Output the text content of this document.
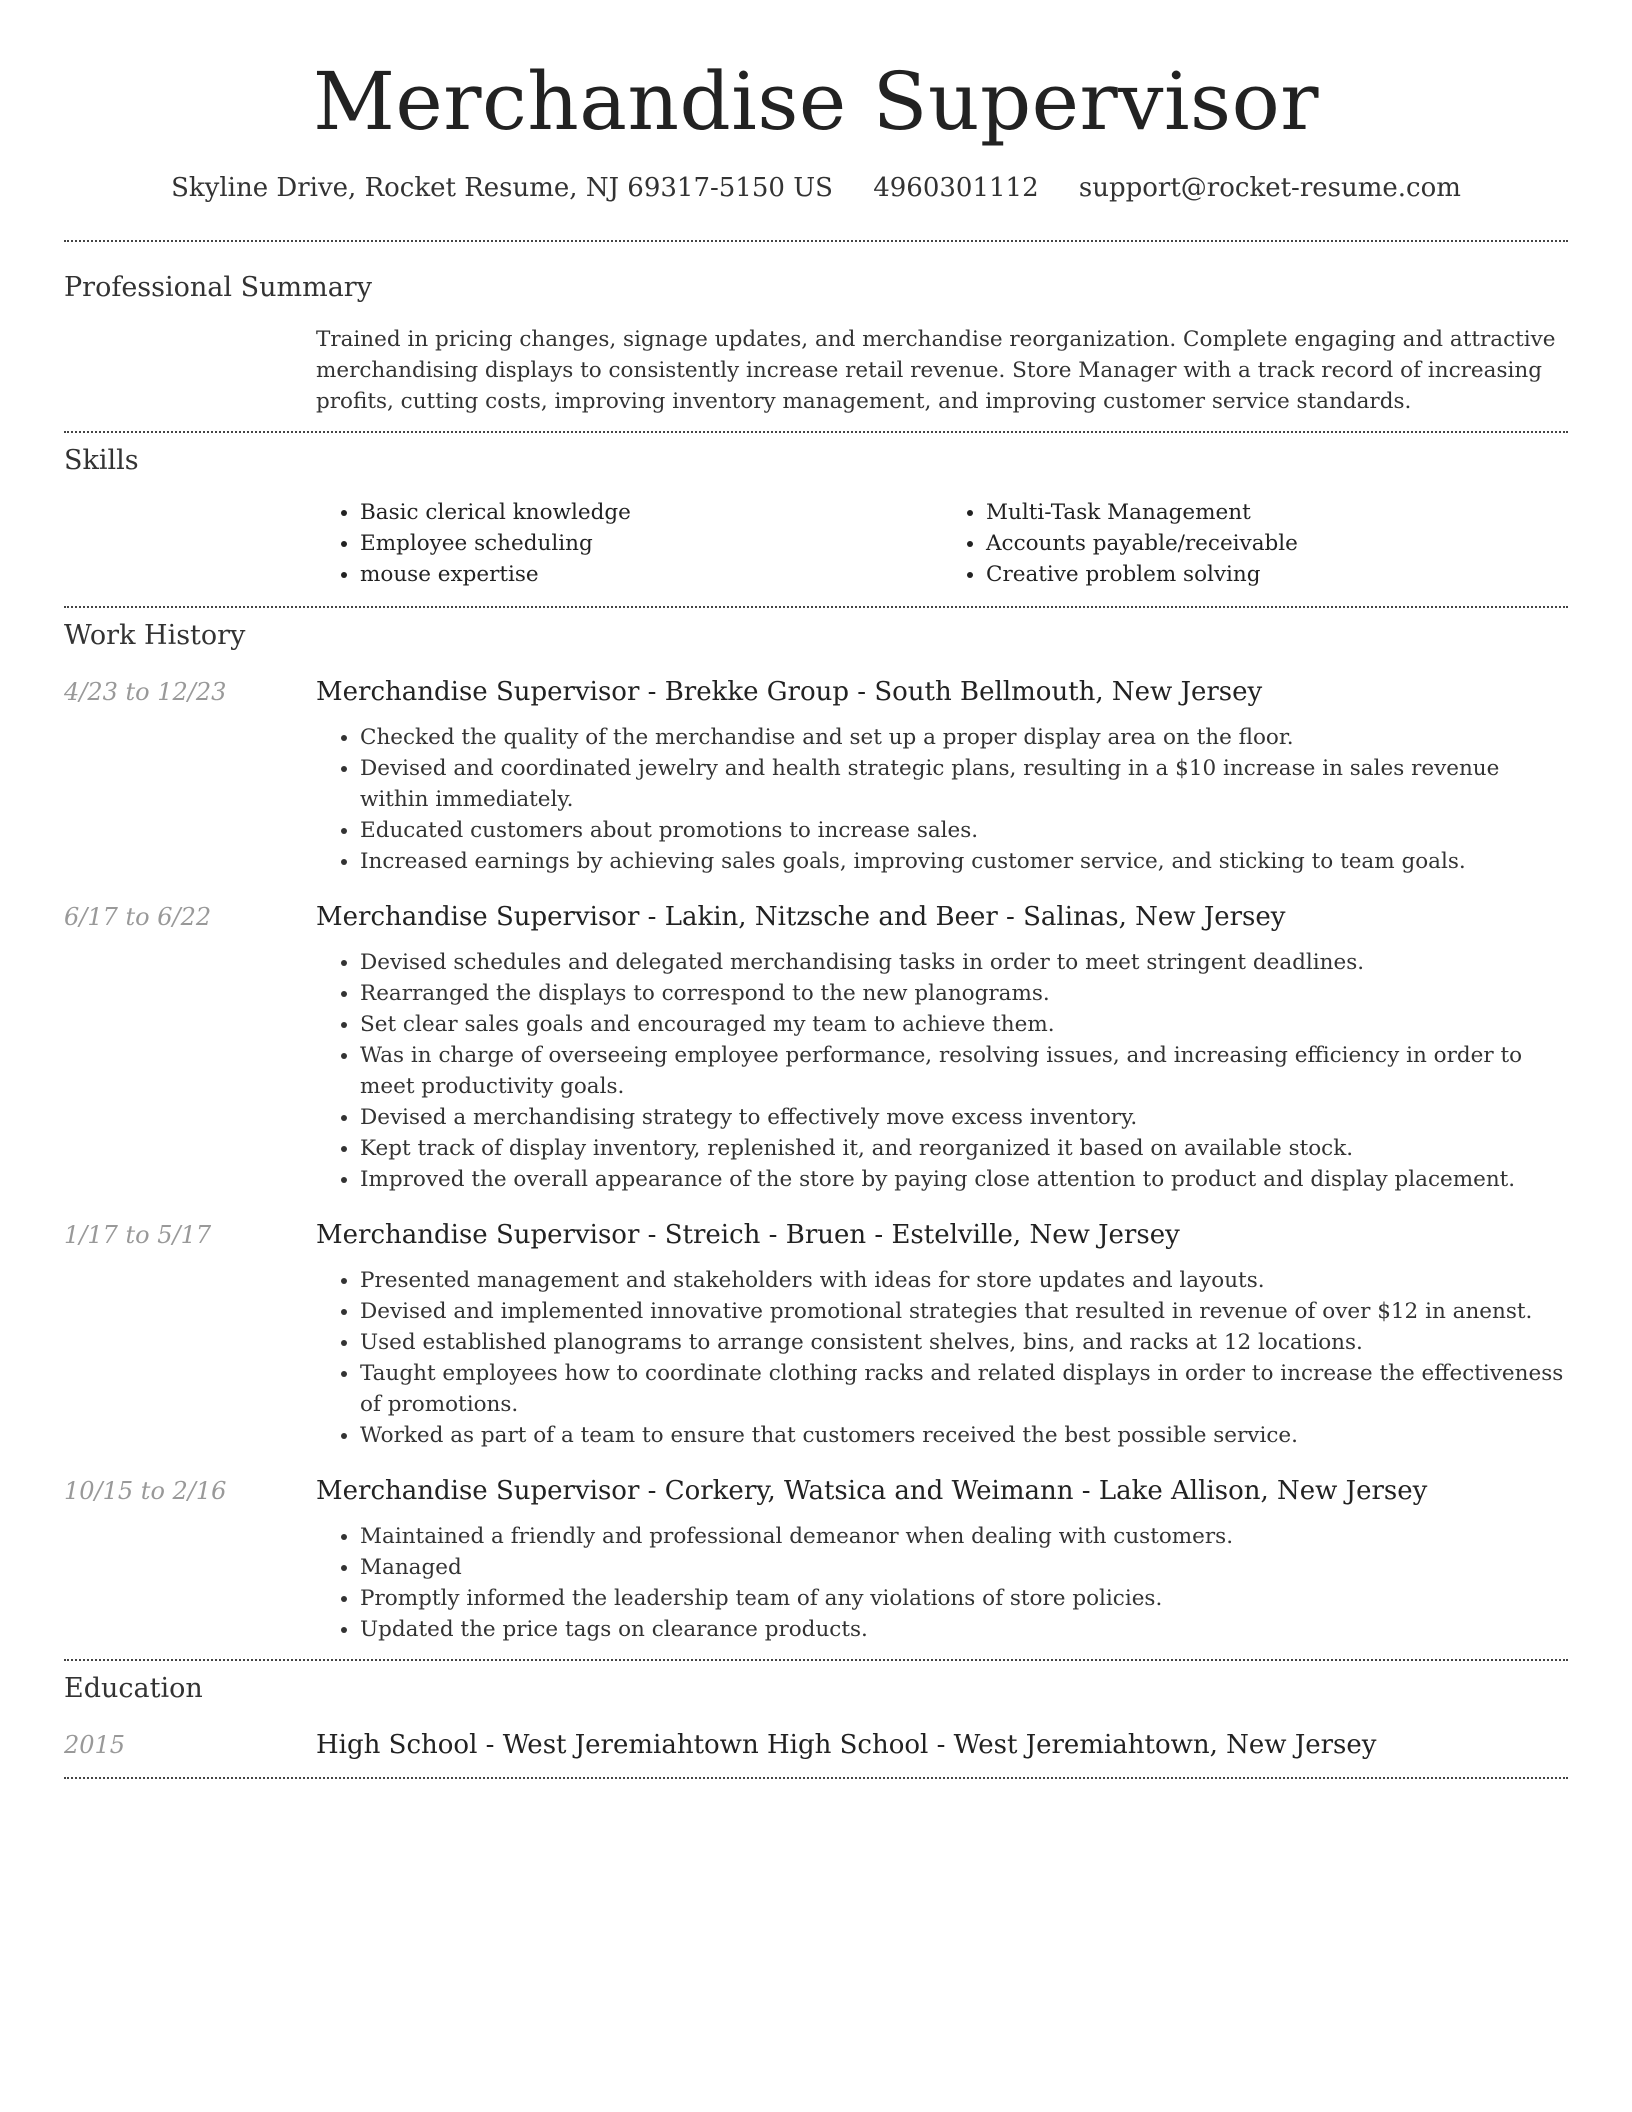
Merchandise Supervisor
Skyline Drive, Rocket Resume, NJ 69317-5150 US 4960301112 support@rocket-resume.com
Professional Summary
Trained in pricing changes, signage updates, and merchandise reorganization. Complete engaging and attractive merchandising displays to consistently increase retail revenue. Store Manager with a track record of increasing profits, cutting costs, improving inventory management, and improving customer service standards.
Skills
• Basic clerical knowledge
• Employee scheduling
• mouse expertise
• Multi-Task Management
• Accounts payable/receivable
• Creative problem solving
Work History
4/23 to 12/23	Merchandise Supervisor - Brekke Group - South Bellmouth, New Jersey
• Checked the quality of the merchandise and set up a proper display area on the floor.
• Devised and coordinated jewelry and health strategic plans, resulting in a $10 increase in sales revenue within immediately.
• Educated customers about promotions to increase sales.
• Increased earnings by achieving sales goals, improving customer service, and sticking to team goals.
6/17 to 6/22	Merchandise Supervisor - Lakin, Nitzsche and Beer - Salinas, New Jersey
• Devised schedules and delegated merchandising tasks in order to meet stringent deadlines.
• Rearranged the displays to correspond to the new planograms.
• Set clear sales goals and encouraged my team to achieve them.
• Was in charge of overseeing employee performance, resolving issues, and increasing efficiency in order to meet productivity goals.
• Devised a merchandising strategy to effectively move excess inventory.
• Kept track of display inventory, replenished it, and reorganized it based on available stock.
• Improved the overall appearance of the store by paying close attention to product and display placement.
1/17 to 5/17	Merchandise Supervisor - Streich - Bruen - Estelville, New Jersey
• Presented management and stakeholders with ideas for store updates and layouts.
• Devised and implemented innovative promotional strategies that resulted in revenue of over $12 in anenst.
• Used established planograms to arrange consistent shelves, bins, and racks at 12 locations.
• Taught employees how to coordinate clothing racks and related displays in order to increase the effectiveness of promotions.
• Worked as part of a team to ensure that customers received the best possible service.
10/15 to 2/16	Merchandise Supervisor - Corkery, Watsica and Weimann - Lake Allison, New Jersey
• Maintained a friendly and professional demeanor when dealing with customers.
• Managed
• Promptly informed the leadership team of any violations of store policies.
• Updated the price tags on clearance products.
Education
2015	High School - West Jeremiahtown High School - West Jeremiahtown, New Jersey
